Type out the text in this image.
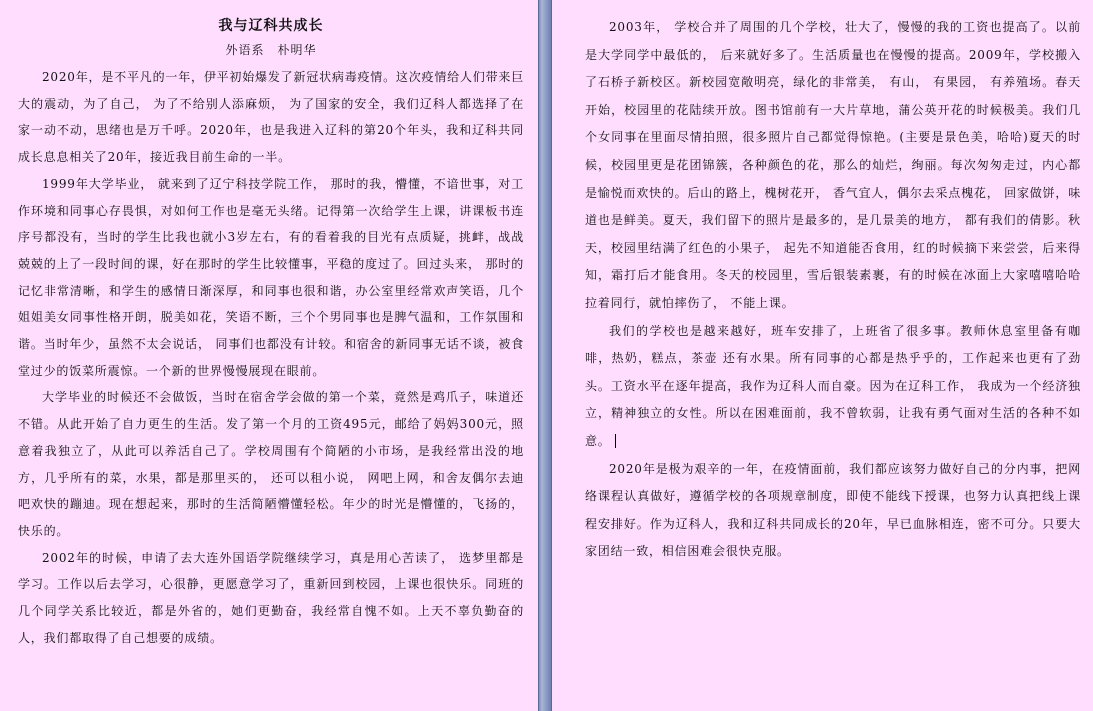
我与辽科共成长

外语系　朴明华

2020年，是不平凡的一年，伊平初始爆发了新冠状病毒疫情。这次疫情给人们带来巨大的震动，为了自己， 为了不给别人添麻烦， 为了国家的安全，我们辽科人都选择了在家一动不动，思绪也是万千呼。2020年，也是我进入辽科的第20个年头，我和辽科共同成长息息相关了20年，接近我目前生命的一半。

1999年大学毕业， 就来到了辽宁科技学院工作， 那时的我，懵懂，不谙世事，对工作环境和同事心存畏惧，对如何工作也是毫无头绪。记得第一次给学生上课，讲课板书连序号都没有，当时的学生比我也就小3岁左右，有的看着我的目光有点质疑，挑衅，战战兢兢的上了一段时间的课，好在那时的学生比较懂事，平稳的度过了。回过头来， 那时的记忆非常清晰，和学生的感情日渐深厚，和同事也很和谐，办公室里经常欢声笑语，几个姐姐美女同事性格开朗，脱美如花，笑语不断，三个个男同事也是脾气温和，工作氛围和谐。当时年少，虽然不太会说话， 同事们也都没有计较。和宿舍的新同事无话不谈，被食堂过少的饭菜所震惊。一个新的世界慢慢展现在眼前。

大学毕业的时候还不会做饭，当时在宿舍学会做的第一个菜，竟然是鸡爪子，味道还不错。从此开始了自力更生的生活。发了第一个月的工资495元，邮给了妈妈300元，照意着我独立了，从此可以养活自己了。学校周围有个简陋的小市场，是我经常出没的地方，几乎所有的菜，水果，都是那里买的， 还可以租小说， 网吧上网，和舍友偶尔去迪吧欢快的蹦迪。现在想起来，那时的生活简陋懵懂轻松。年少的时光是懵懂的，飞扬的， 快乐的。

2002年的时候，申请了去大连外国语学院继续学习，真是用心苦读了， 选梦里都是学习。工作以后去学习，心很静，更愿意学习了，重新回到校园，上课也很快乐。同班的几个同学关系比较近，都是外省的，她们更勤奋，我经常自愧不如。上天不辜负勤奋的人，我们都取得了自己想要的成绩。

2003年， 学校合并了周围的几个学校，壮大了，慢慢的我的工资也提高了。以前是大学同学中最低的， 后来就好多了。生活质量也在慢慢的提高。2009年，学校搬入了石桥子新校区。新校园宽敞明亮，绿化的非常美， 有山， 有果园， 有养殖场。春天开始，校园里的花陆续开放。图书馆前有一大片草地，蒲公英开花的时候极美。我们几个女同事在里面尽情拍照，很多照片自己都觉得惊艳。(主要是景色美，哈哈)夏天的时候，校园里更是花团锦簇，各种颜色的花，那么的灿烂，绚丽。每次匆匆走过，内心都是愉悦而欢快的。后山的路上，槐树花开， 香气宜人，偶尔去采点槐花， 回家做饼，味道也是鲜美。夏天，我们留下的照片是最多的，是几景美的地方， 都有我们的倩影。秋天，校园里结满了红色的小果子， 起先不知道能否食用，红的时候摘下来尝尝，后来得知，霜打后才能食用。冬天的校园里，雪后银装素裹，有的时候在冰面上大家嘻嘻哈哈拉着同行，就怕摔伤了， 不能上课。

我们的学校也是越来越好，班车安排了，上班省了很多事。教师休息室里备有咖啡，热奶，糕点，茶壶 还有水果。所有同事的心都是热乎乎的，工作起来也更有了劲头。工资水平在逐年提高，我作为辽科人而自豪。因为在辽科工作， 我成为一个经济独立，精神独立的女性。所以在困难面前，我不曾软弱，让我有勇气面对生活的各种不如意。

2020年是极为艰辛的一年，在疫情面前，我们都应该努力做好自己的分内事，把网络课程认真做好，遵循学校的各项规章制度，即使不能线下授课，也努力认真把线上课程安排好。作为辽科人，我和辽科共同成长的20年，早已血脉相连，密不可分。只要大家团结一致，相信困难会很快克服。
